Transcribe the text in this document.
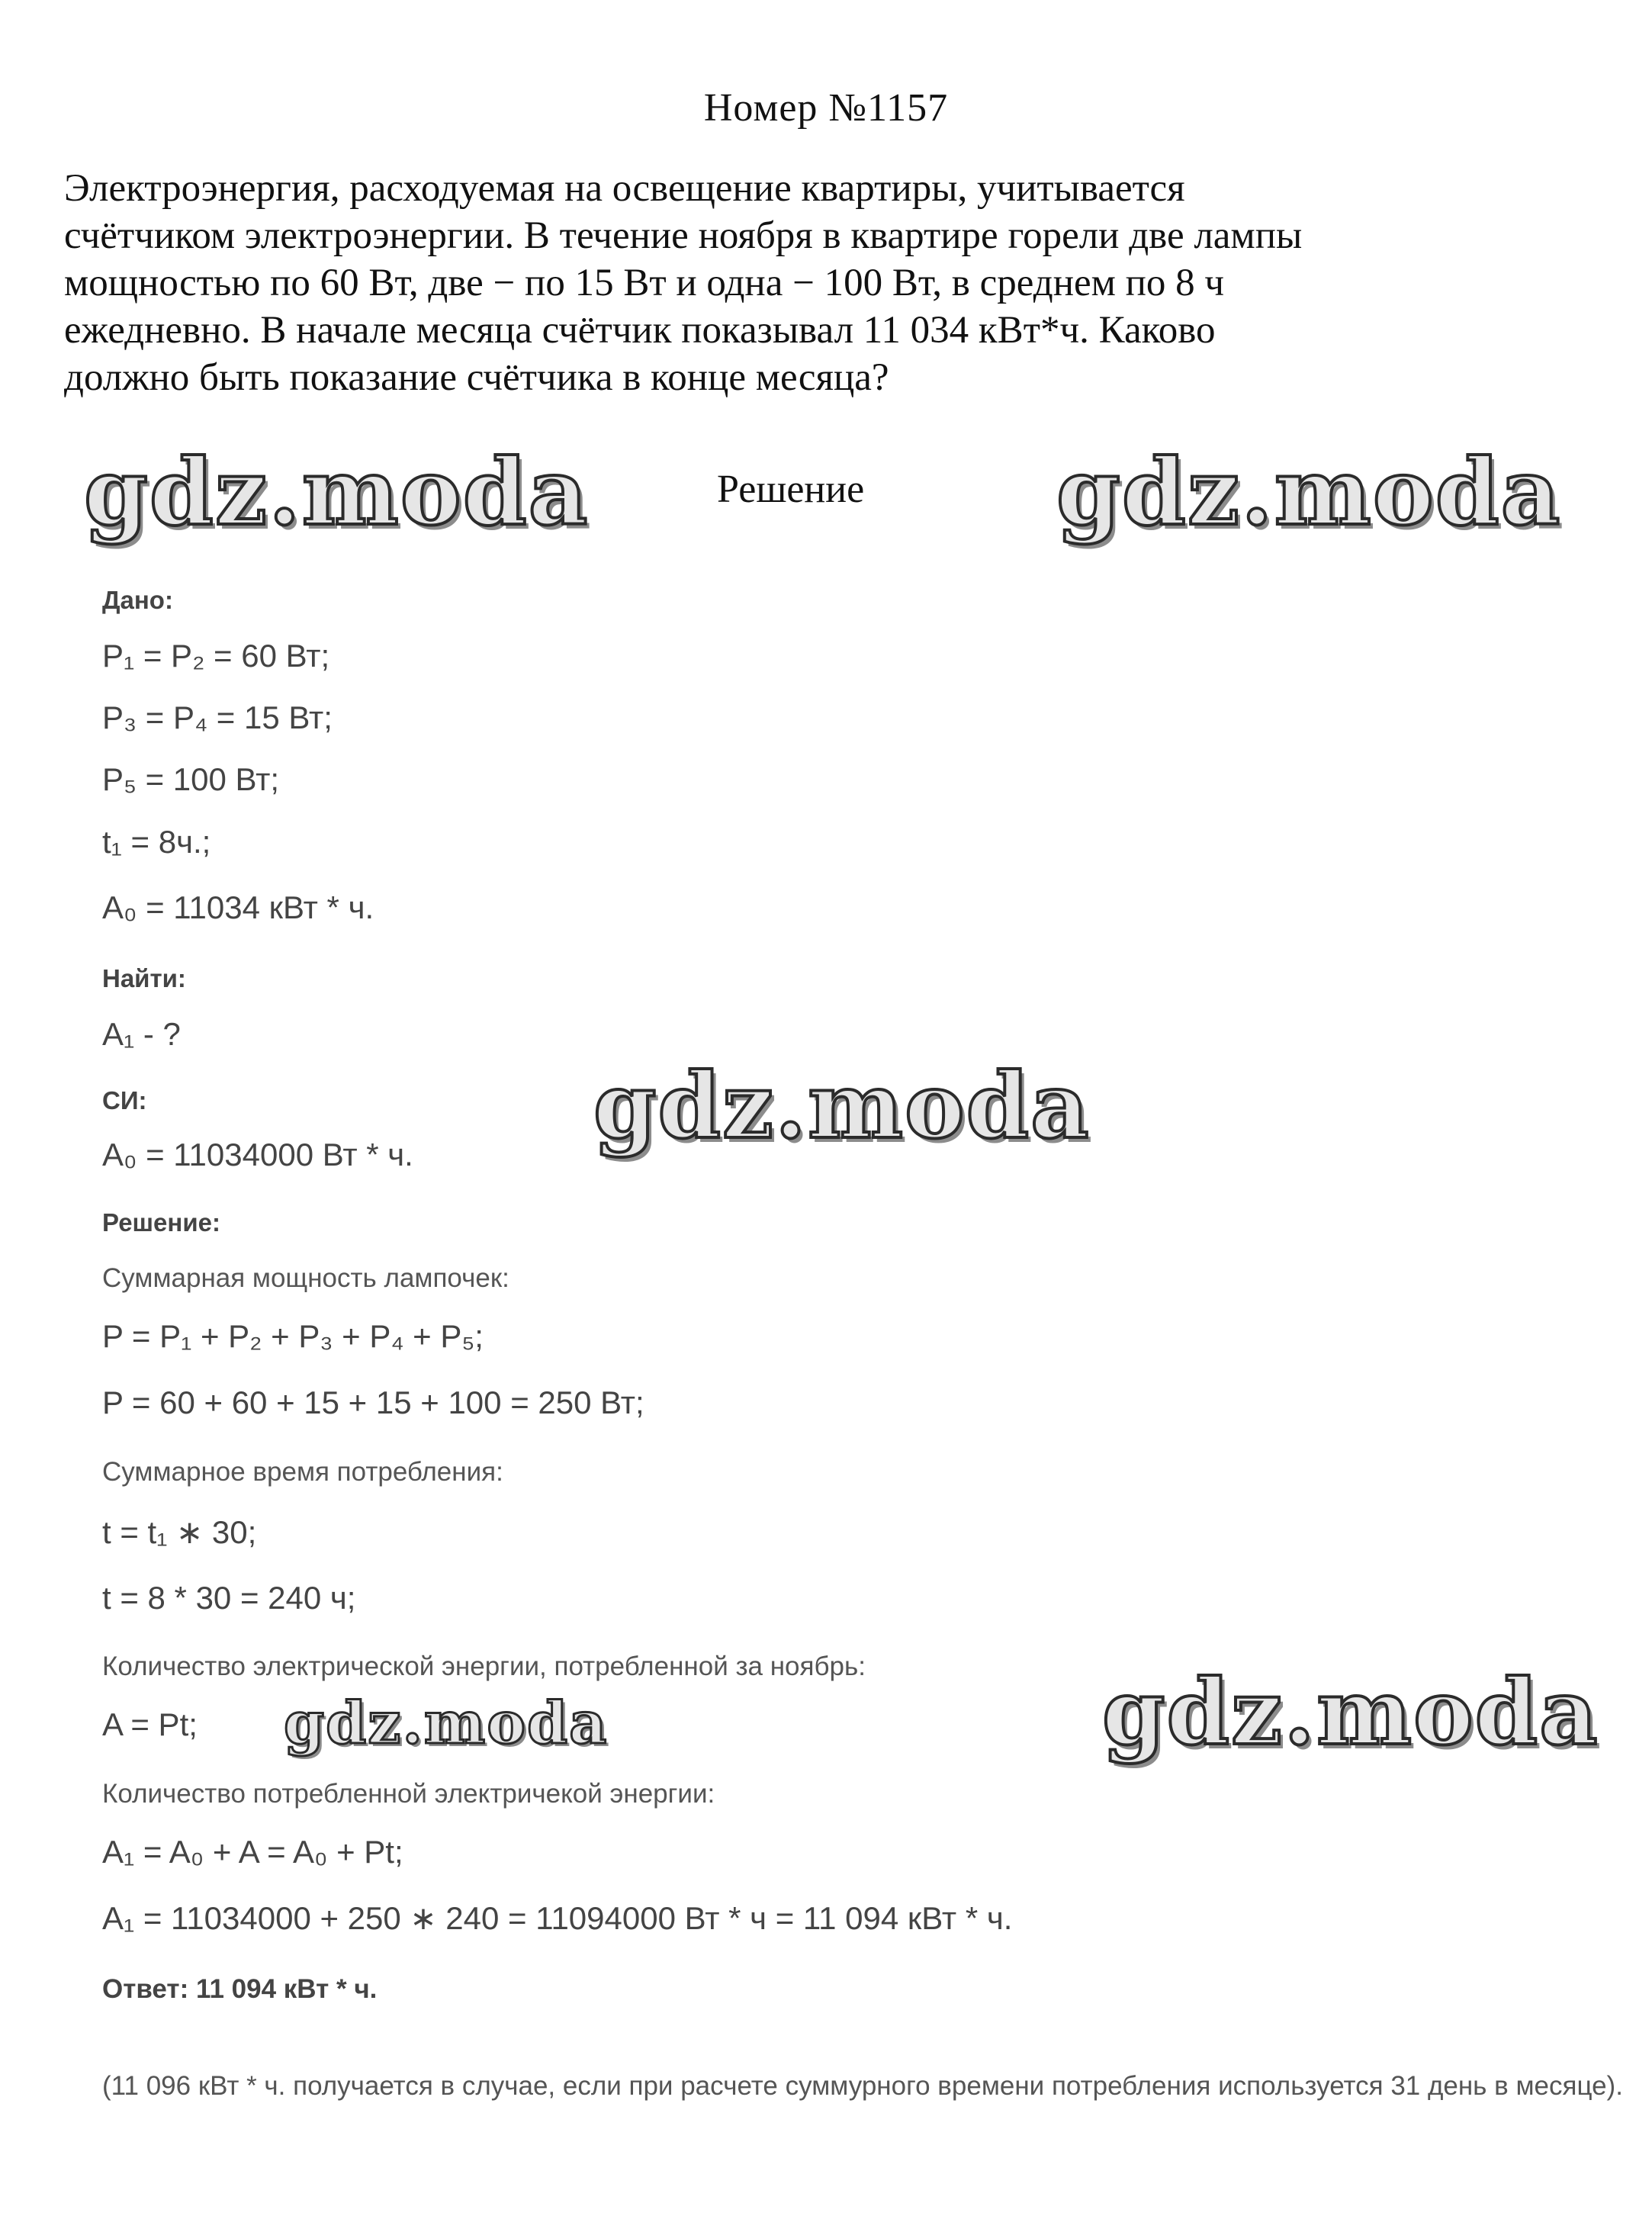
Номер №1157
Электроэнергия, расходуемая на освещение квартиры, учитывается
счётчиком электроэнергии. В течение ноября в квартире горели две лампы
мощностью по 60 Вт, две − по 15 Вт и одна − 100 Вт, в среднем по 8 ч
ежедневно. В начале месяца счётчик показывал 11 034 кВт*ч. Каково
должно быть показание счётчика в конце месяца?
Решение
gdz.moda	gdz.moda
gdz.moda
gdz.moda
gdz.moda
Дано:
P₁ = P₂ = 60 Вт;
P₃ = P₄ = 15 Вт;
P₅ = 100 Вт;
t₁ = 8ч.;
A₀ = 11034 кВт * ч.
Найти:
A₁ - ?
СИ:
A₀ = 11034000 Вт * ч.
Решение:
Суммарная мощность лампочек:
P = P₁ + P₂ + P₃ + P₄ + P₅;
P = 60 + 60 + 15 + 15 + 100 = 250 Вт;
Суммарное время потребления:
t = t₁ ∗ 30;
t = 8 * 30 = 240 ч;
Количество электрической энергии, потребленной за ноябрь:
A = Pt;
Количество потребленной электричекой энергии:
A₁ = A₀ + A = A₀ + Pt;
A₁ = 11034000 + 250 ∗ 240 = 11094000 Вт * ч = 11 094 кВт * ч.
Ответ: 11 094 кВт * ч.
(11 096 кВт * ч. получается в случае, если при расчете суммурного времени потребления используется 31 день в месяце).
